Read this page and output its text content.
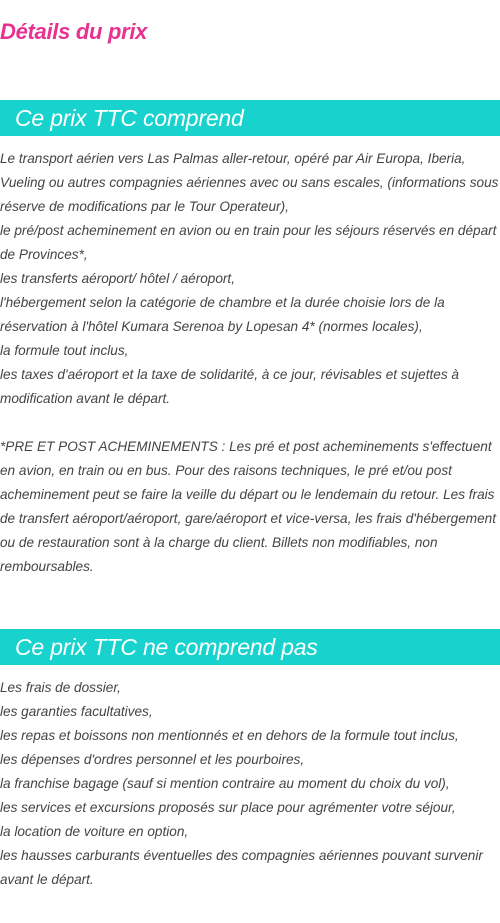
Détails du prix
Ce prix TTC comprend

Le transport aérien vers Las Palmas aller-retour, opéré par Air Europa, Iberia, Vueling ou autres compagnies aériennes avec ou sans escales, (informations sous réserve de modifications par le Tour Operateur),

le pré/post acheminement en avion ou en train pour les séjours réservés en départ de Provinces*,

les transferts aéroport/ hôtel / aéroport,

l'hébergement selon la catégorie de chambre et la durée choisie lors de la réservation à l'hôtel Kumara Serenoa by Lopesan 4* (normes locales),

la formule tout inclus,

les taxes d'aéroport et la taxe de solidarité, à ce jour, révisables et sujettes à modification avant le départ.

*PRE ET POST ACHEMINEMENTS : Les pré et post acheminements s'effectuent en avion, en train ou en bus. Pour des raisons techniques, le pré et/ou post acheminement peut se faire la veille du départ ou le lendemain du retour. Les frais de transfert aéroport/aéroport, gare/aéroport et vice-versa, les frais d'hébergement ou de restauration sont à la charge du client. Billets non modifiables, non remboursables.

Ce prix TTC ne comprend pas

Les frais de dossier,

les garanties facultatives,

les repas et boissons non mentionnés et en dehors de la formule tout inclus,

les dépenses d'ordres personnel et les pourboires,

la franchise bagage (sauf si mention contraire au moment du choix du vol),

les services et excursions proposés sur place pour agrémenter votre séjour,

la location de voiture en option,

les hausses carburants éventuelles des compagnies aériennes pouvant survenir avant le départ.
